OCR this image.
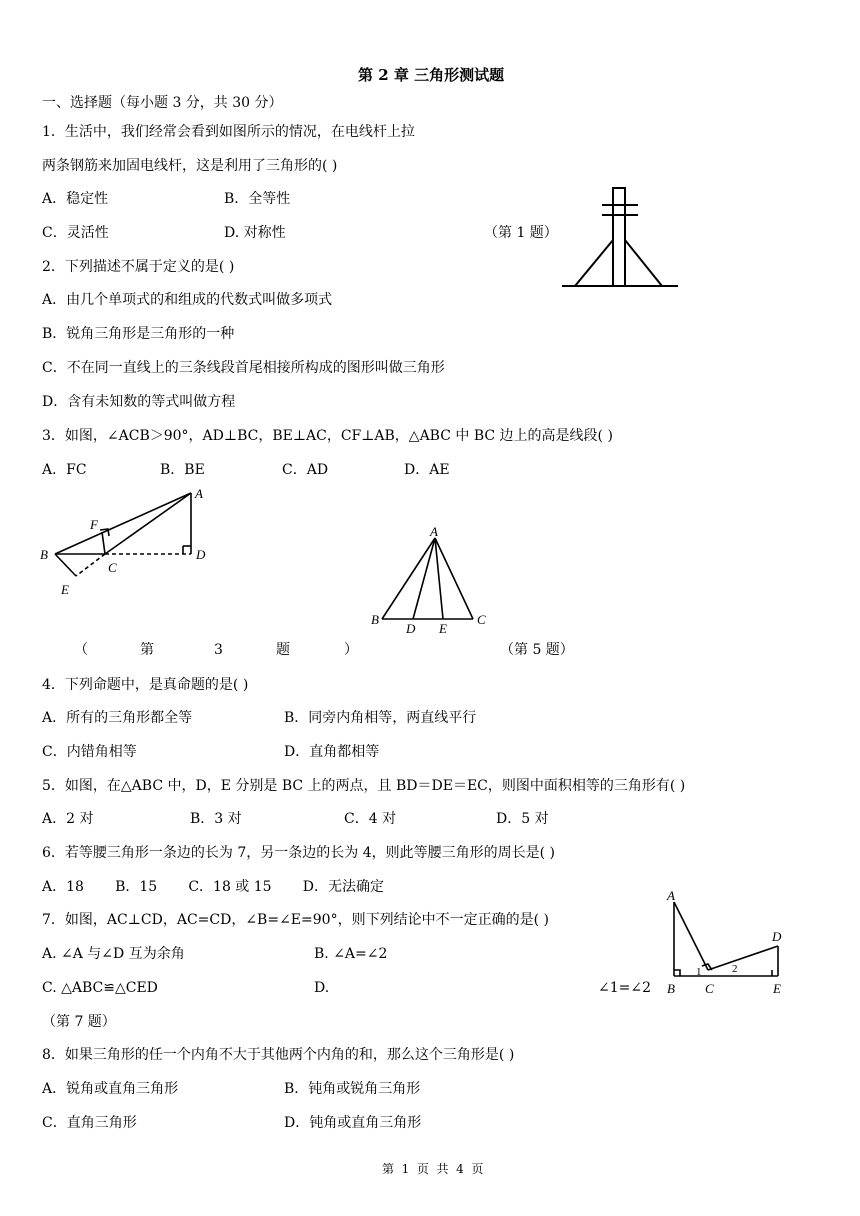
第 2 章 三角形测试题
一、选择题（每小题 3 分，共 30 分）
1．生活中，我们经常会看到如图所示的情况，在电线杆上拉
两条钢筋来加固电线杆，这是利用了三角形的( )
A．稳定性	B．全等性
C．灵活性	D. 对称性	（第 1 题）
2．下列描述不属于定义的是( )
A．由几个单项式的和组成的代数式叫做多项式
B．锐角三角形是三角形的一种
C．不在同一直线上的三条线段首尾相接所构成的图形叫做三角形
D．含有未知数的等式叫做方程
3．如图，∠ACB＞90°，AD⊥BC，BE⊥AC，CF⊥AB，△ABC 中 BC 边上的高是线段( )
A．FC	B．BE	C．AD	D．AE
A
B
C
D
E
F
（	第	3	题	）
A
B
D E
C
（第 5 题）
4．下列命题中，是真命题的是( )
A．所有的三角形都全等	B．同旁内角相等，两直线平行
C．内错角相等	D．直角都相等
5．如图，在△ABC 中，D，E 分别是 BC 上的两点，且 BD＝DE＝EC，则图中面积相等的三角形有( )
A．2 对	B．3 对	C．4 对	D．5 对
6．若等腰三角形一条边的长为 7，另一条边的长为 4，则此等腰三角形的周长是( )
A．18       B．15       C．18 或 15       D．无法确定
7．如图，AC⊥CD，AC=CD，∠B=∠E=90°，则下列结论中不一定正确的是( )
A. ∠A 与∠D 互为余角	B. ∠A=∠2
C. △ABC≌△CED	D.	∠1=∠2
（第 7 题）
A
B C
D
E
1	2
8．如果三角形的任一个内角不大于其他两个内角的和，那么这个三角形是( )
A．锐角或直角三角形	B．钝角或锐角三角形
C．直角三角形	D．钝角或直角三角形
第  1  页  共  4  页
